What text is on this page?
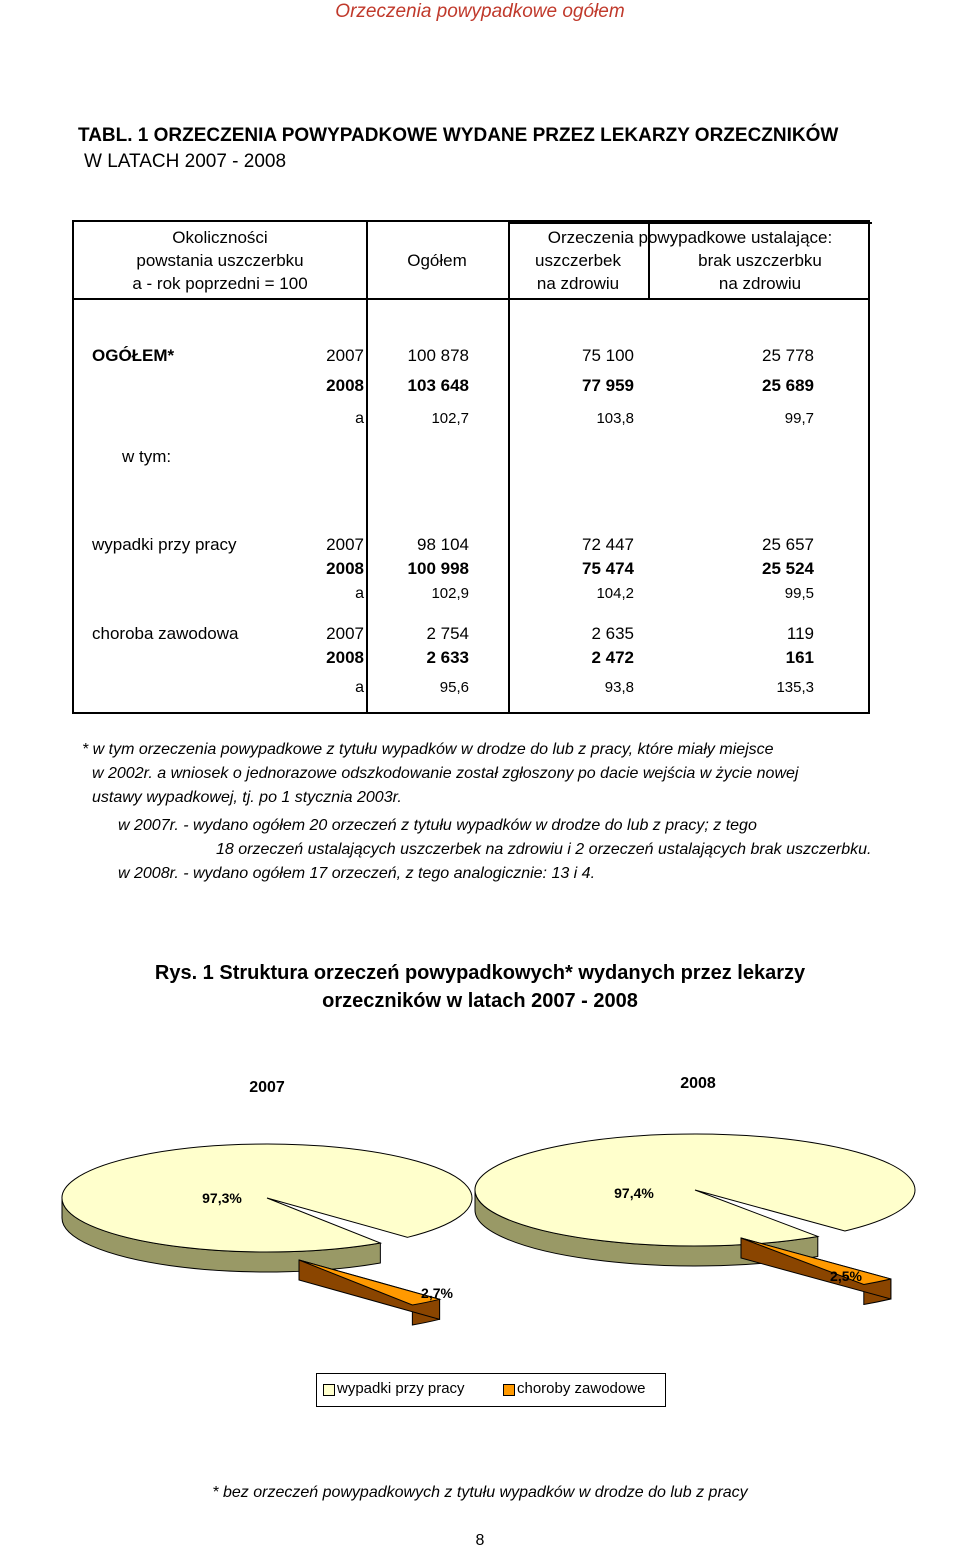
Orzeczenia powypadkowe ogółem
TABL. 1 ORZECZENIA POWYPADKOWE WYDANE PRZEZ LEKARZY ORZECZNIKÓW
W LATACH 2007 - 2008
Okoliczności
powstania uszczerbku
a - rok poprzedni = 100
Ogółem
Orzeczenia powypadkowe ustalające:
uszczerbek
na zdrowiu
brak uszczerbku
na zdrowiu
OGÓŁEM*	2007	100 878	75 100	25 778
2008	103 648	77 959	25 689
a	102,7	103,8	99,7
w tym:
wypadki przy pracy	2007	98 104	72 447	25 657
2008	100 998	75 474	25 524
a	102,9	104,2	99,5
choroba zawodowa	2007	2 754	2 635	119
2008	2 633	2 472	161
a	95,6	93,8	135,3
* w tym orzeczenia powypadkowe z tytułu wypadków w drodze do lub z pracy, które miały miejsce
w 2002r. a wniosek o jednorazowe odszkodowanie został zgłoszony po dacie wejścia w życie nowej
ustawy wypadkowej, tj. po 1 stycznia 2003r.
w 2007r. - wydano ogółem 20 orzeczeń z tytułu wypadków w drodze do lub z pracy; z tego
18 orzeczeń ustalających uszczerbek na zdrowiu i 2 orzeczeń ustalających brak uszczerbku.
w 2008r. - wydano ogółem 17 orzeczeń, z tego analogicznie: 13 i 4.
Rys. 1 Struktura orzeczeń powypadkowych* wydanych przez lekarzy
orzeczników w latach 2007 - 2008
97,3%
2,7%
97,4%
2,5%
2007	2008
wypadki przy pracy	choroby zawodowe
* bez orzeczeń powypadkowych z tytułu wypadków w drodze do lub z pracy
8
